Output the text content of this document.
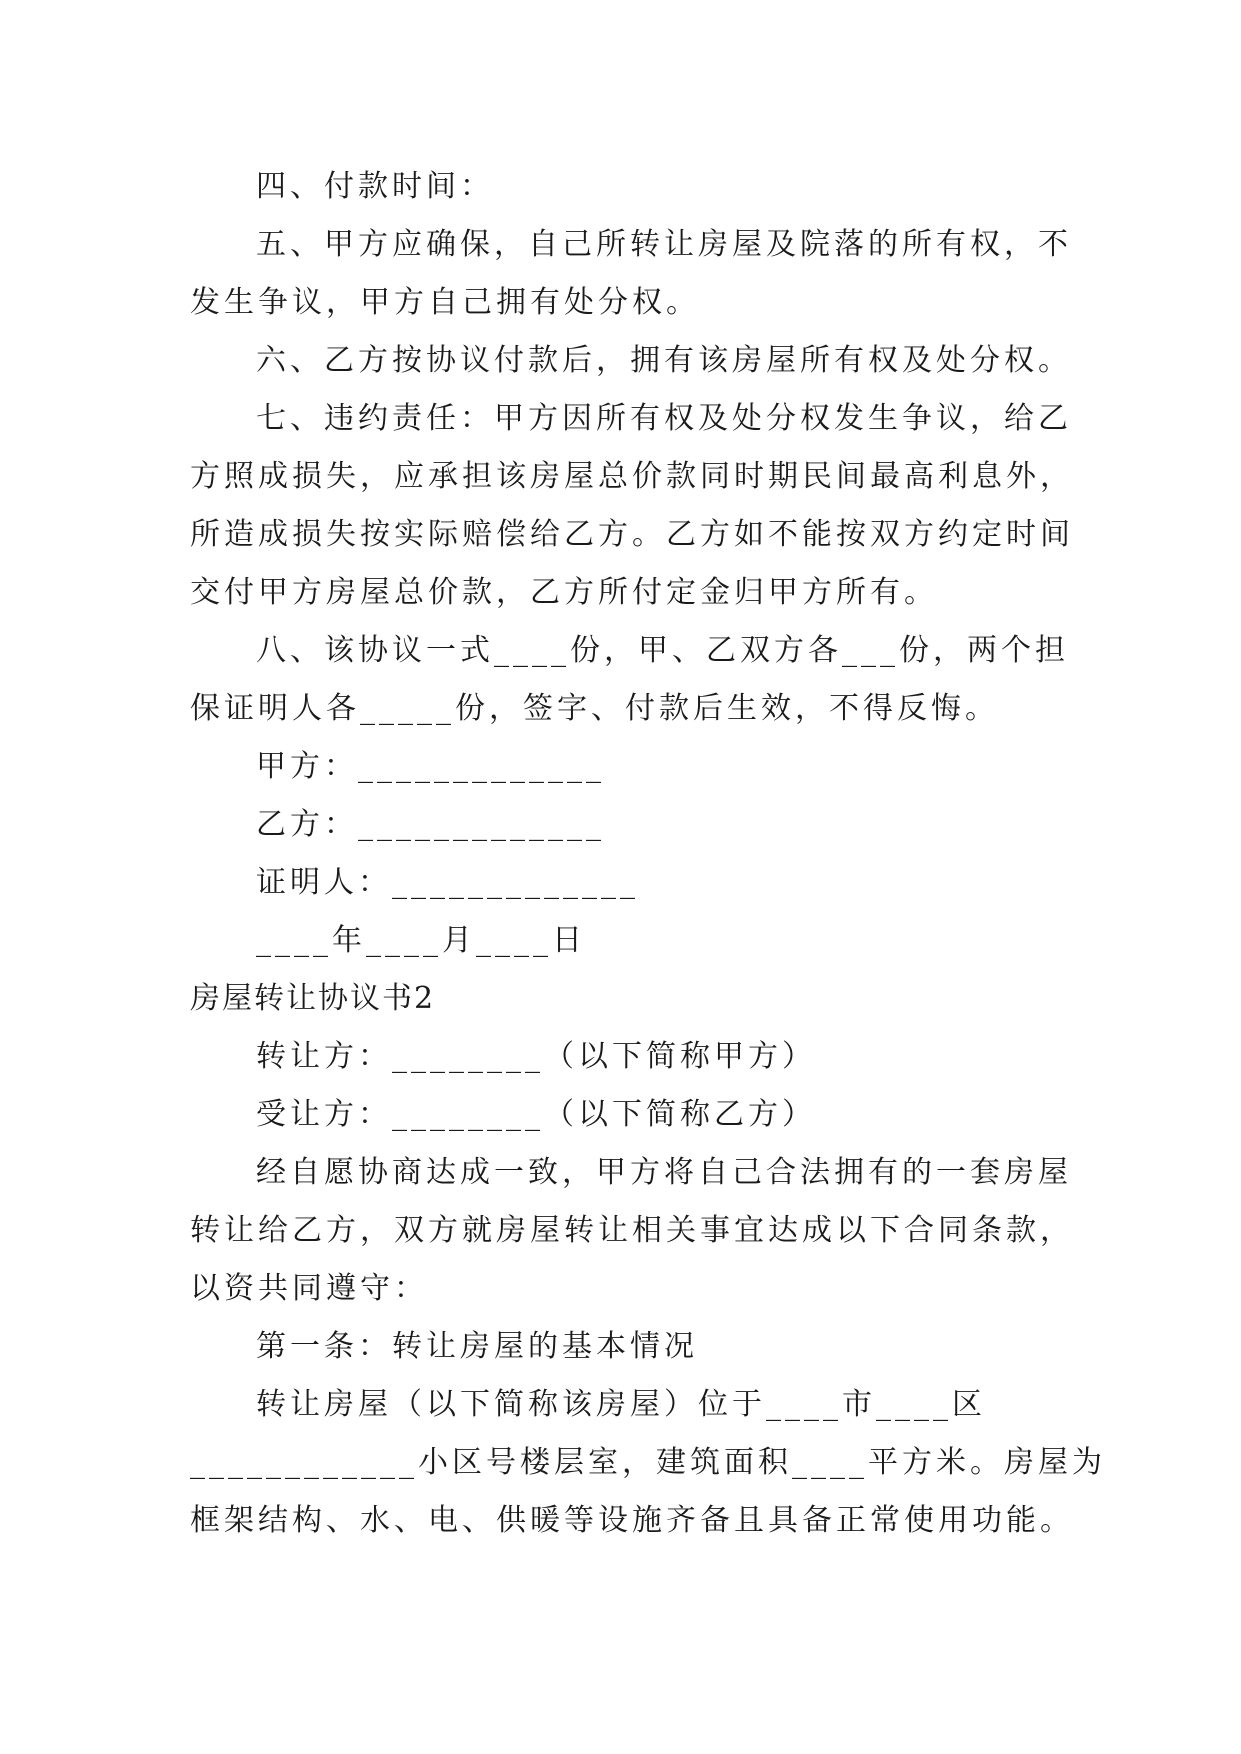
四、付款时间：

五、甲方应确保，自己所转让房屋及院落的所有权，不

发生争议，甲方自己拥有处分权。

六、乙方按协议付款后，拥有该房屋所有权及处分权。

七、违约责任：甲方因所有权及处分权发生争议，给乙

方照成损失，应承担该房屋总价款同时期民间最高利息外，

所造成损失按实际赔偿给乙方。乙方如不能按双方约定时间

交付甲方房屋总价款，乙方所付定金归甲方所有。

八、该协议一式____份，甲、乙双方各___份，两个担

保证明人各_____份，签字、付款后生效，不得反悔。

甲方：_____________

乙方：_____________

证明人：_____________

____年____月____日

房屋转让协议书2

转让方：________（以下简称甲方）

受让方：________（以下简称乙方）

经自愿协商达成一致，甲方将自己合法拥有的一套房屋

转让给乙方，双方就房屋转让相关事宜达成以下合同条款，

以资共同遵守：

第一条：转让房屋的基本情况

转让房屋（以下简称该房屋）位于____市____区

____________小区号楼层室，建筑面积____平方米。房屋为

框架结构、水、电、供暖等设施齐备且具备正常使用功能。
